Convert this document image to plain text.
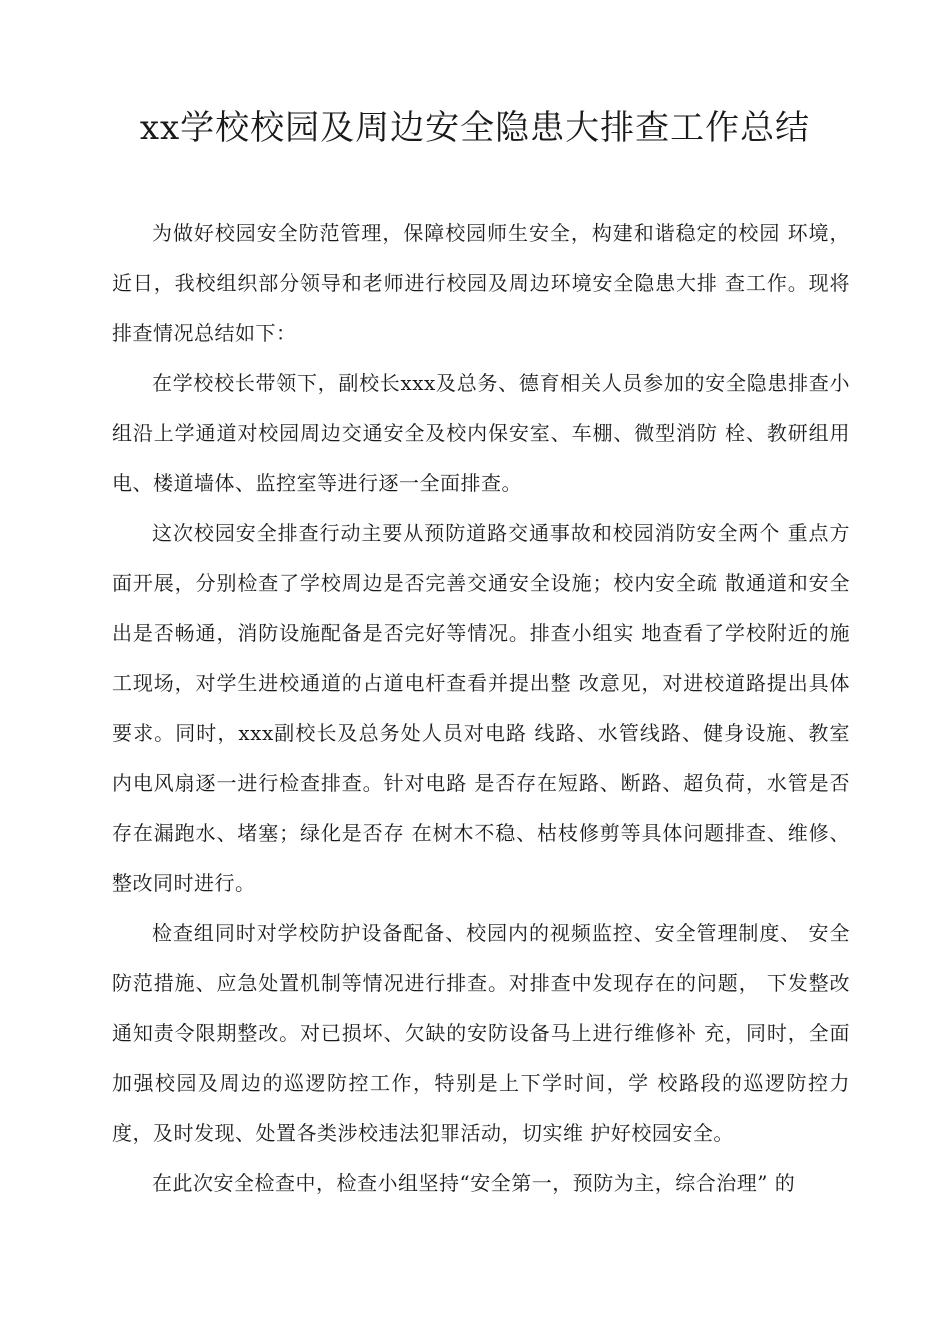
xx学校校园及周边安全隐患大排查工作总结

为做好校园安全防范管理，保障校园师生安全，构建和谐稳定的校园 环境，近日，我校组织部分领导和老师进行校园及周边环境安全隐患大排 查工作。现将排查情况总结如下：

在学校校长带领下，副校长xxx及总务、德育相关人员参加的安全隐患排查小组沿上学通道对校园周边交通安全及校内保安室、车棚、微型消防 栓、教研组用电、楼道墙体、监控室等进行逐一全面排查。

这次校园安全排查行动主要从预防道路交通事故和校园消防安全两个 重点方面开展，分别检查了学校周边是否完善交通安全设施；校内安全疏 散通道和安全出是否畅通，消防设施配备是否完好等情况。排查小组实 地查看了学校附近的施工现场，对学生进校通道的占道电杆查看并提出整 改意见，对进校道路提出具体要求。同时，xxx副校长及总务处人员对电路 线路、水管线路、健身设施、教室内电风扇逐一进行检查排查。针对电路 是否存在短路、断路、超负荷，水管是否存在漏跑水、堵塞；绿化是否存 在树木不稳、枯枝修剪等具体问题排查、维修、整改同时进行。

检查组同时对学校防护设备配备、校园内的视频监控、安全管理制度、 安全防范措施、应急处置机制等情况进行排查。对排查中发现存在的问题， 下发整改通知责令限期整改。对已损坏、欠缺的安防设备马上进行维修补 充，同时，全面加强校园及周边的巡逻防控工作，特别是上下学时间，学 校路段的巡逻防控力度，及时发现、处置各类涉校违法犯罪活动，切实维 护好校园安全。

在此次安全检查中，检查小组坚持“安全第一，预防为主，综合治理” 的
